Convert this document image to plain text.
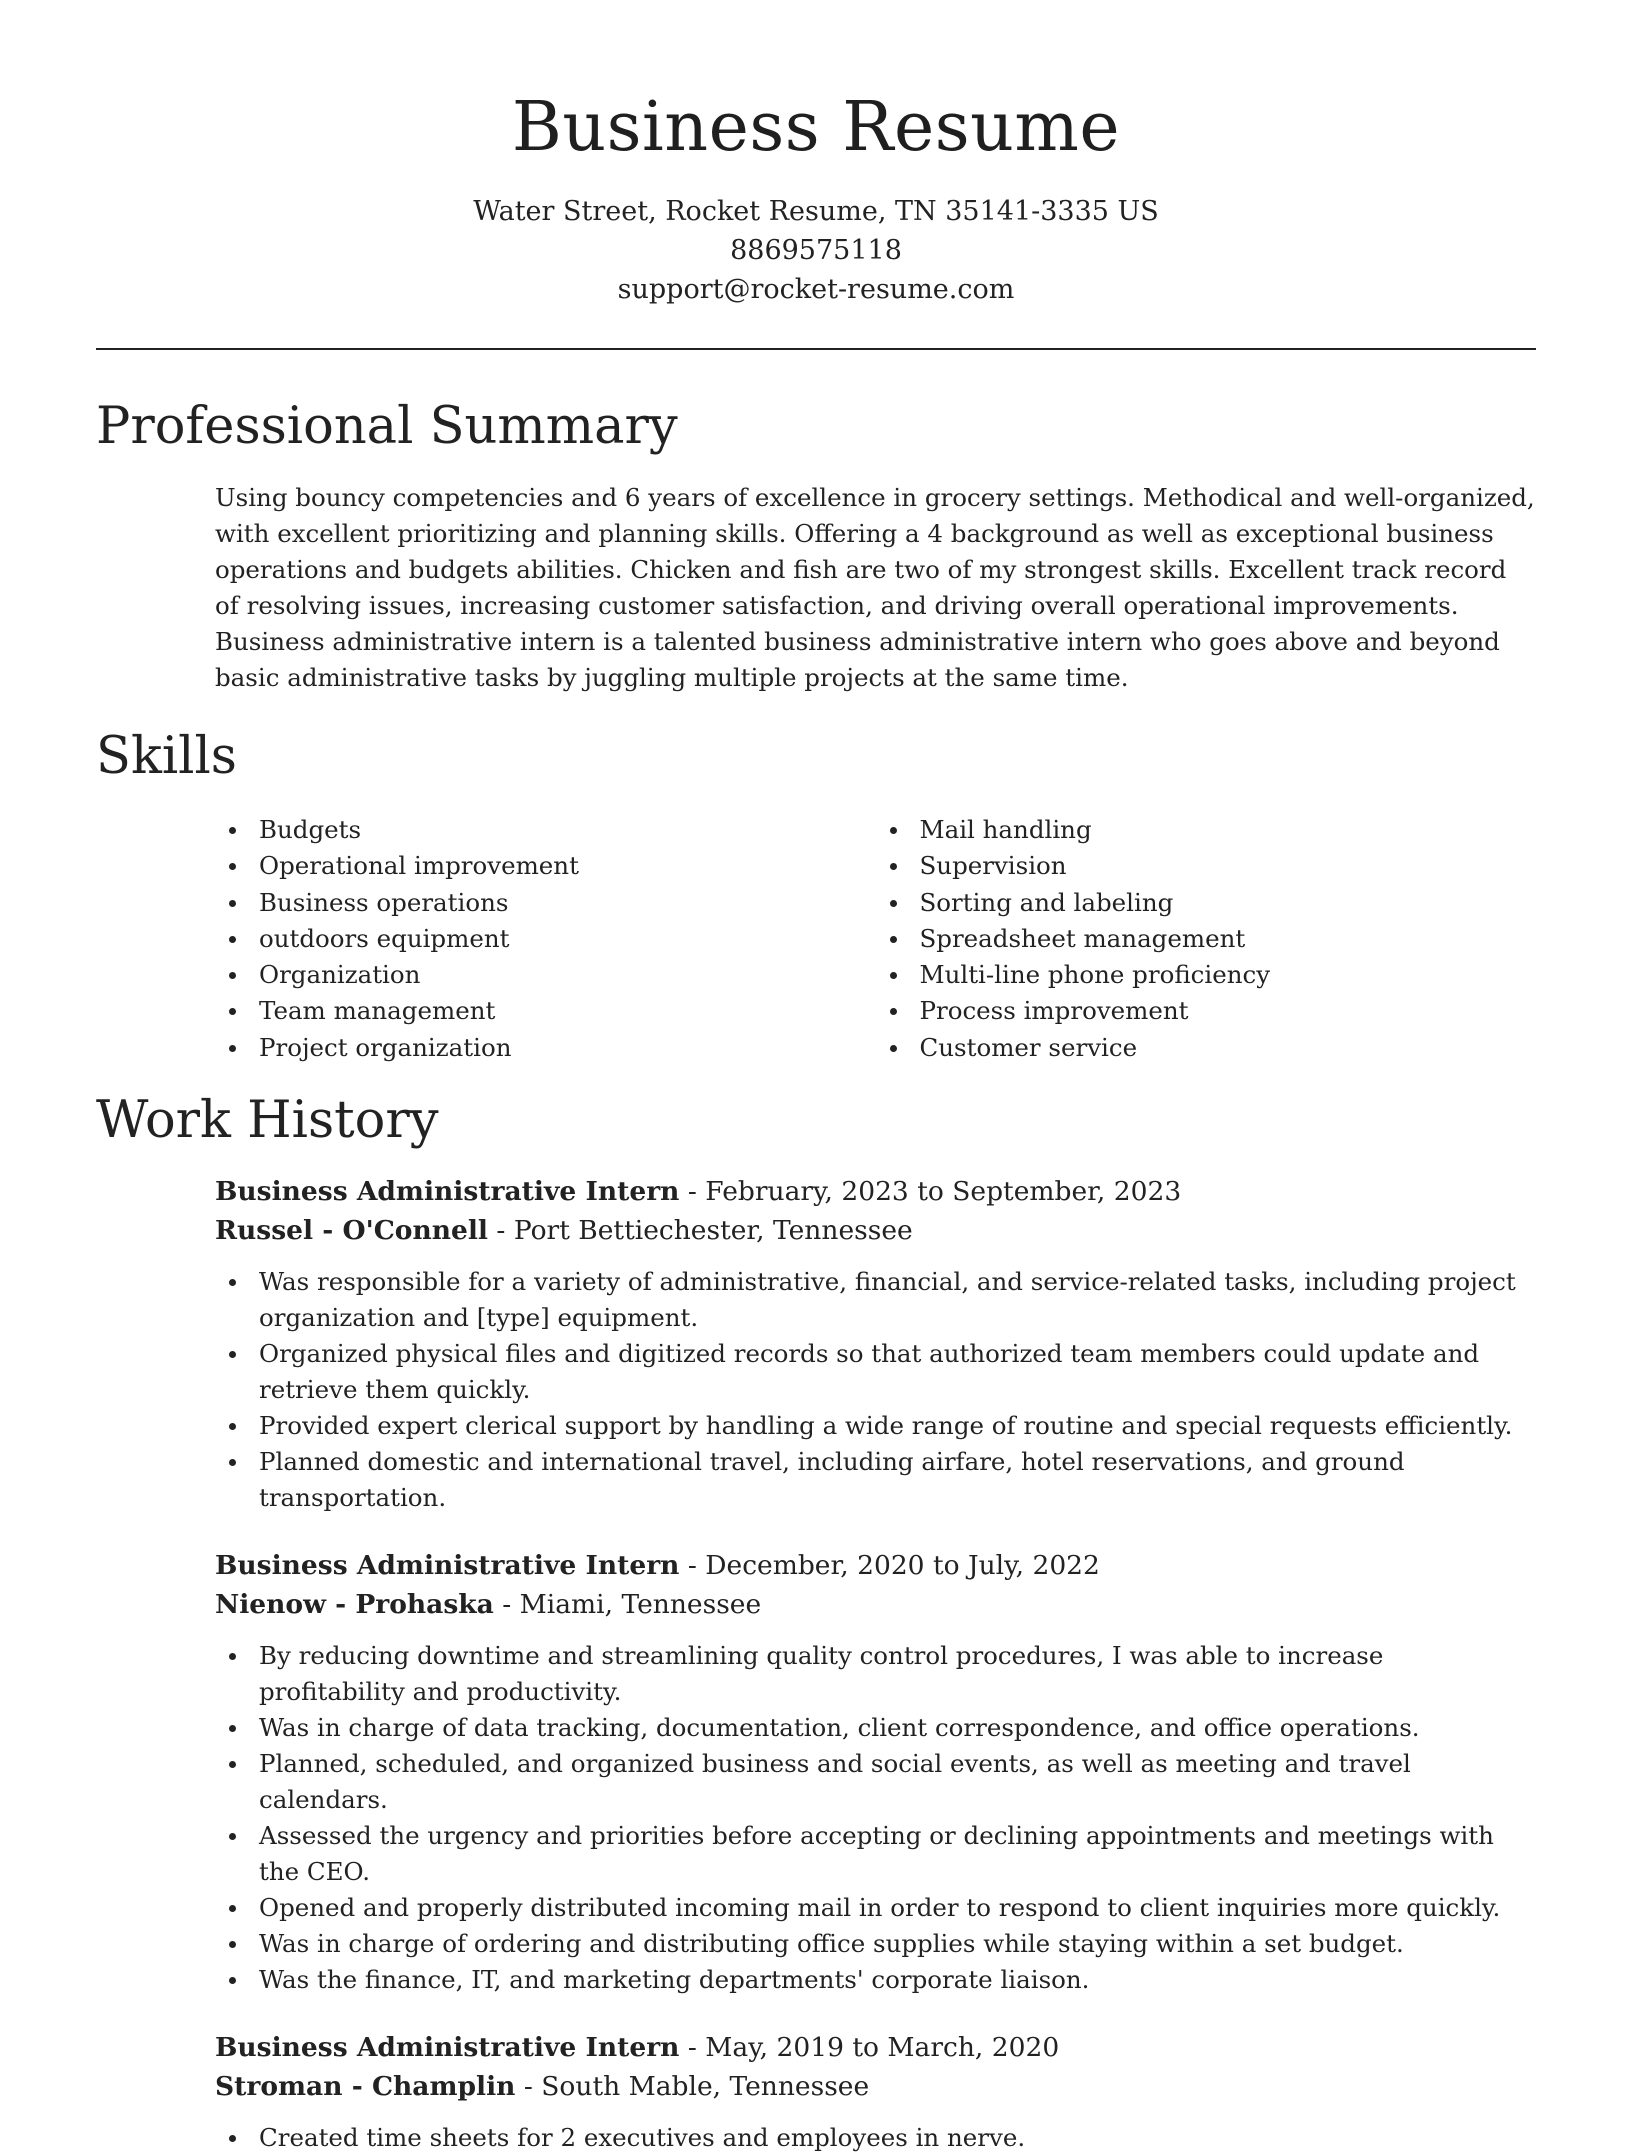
Business Resume
Water Street, Rocket Resume, TN 35141-3335 US
8869575118
support@rocket-resume.com
Professional Summary

Using bouncy competencies and 6 years of excellence in grocery settings. Methodical and well-organized, with excellent prioritizing and planning skills. Offering a 4 background as well as exceptional business operations and budgets abilities. Chicken and fish are two of my strongest skills. Excellent track record of resolving issues, increasing customer satisfaction, and driving overall operational improvements. Business administrative intern is a talented business administrative intern who goes above and beyond basic administrative tasks by juggling multiple projects at the same time.

Skills
Budgets
Operational improvement
Business operations
outdoors equipment
Organization
Team management
Project organization
Mail handling
Supervision
Sorting and labeling
Spreadsheet management
Multi-line phone proficiency
Process improvement
Customer service
Work History
Business Administrative Intern - February, 2023 to September, 2023
Russel - O'Connell - Port Bettiechester, Tennessee
Was responsible for a variety of administrative, financial, and service-related tasks, including project organization and [type] equipment.
Organized physical files and digitized records so that authorized team members could update and retrieve them quickly.
Provided expert clerical support by handling a wide range of routine and special requests efficiently.
Planned domestic and international travel, including airfare, hotel reservations, and ground transportation.
Business Administrative Intern - December, 2020 to July, 2022
Nienow - Prohaska - Miami, Tennessee
By reducing downtime and streamlining quality control procedures, I was able to increase profitability and productivity.
Was in charge of data tracking, documentation, client correspondence, and office operations.
Planned, scheduled, and organized business and social events, as well as meeting and travel calendars.
Assessed the urgency and priorities before accepting or declining appointments and meetings with the CEO.
Opened and properly distributed incoming mail in order to respond to client inquiries more quickly.
Was in charge of ordering and distributing office supplies while staying within a set budget.
Was the finance, IT, and marketing departments' corporate liaison.
Business Administrative Intern - May, 2019 to March, 2020
Stroman - Champlin - South Mable, Tennessee
Created time sheets for 2 executives and employees in nerve.
